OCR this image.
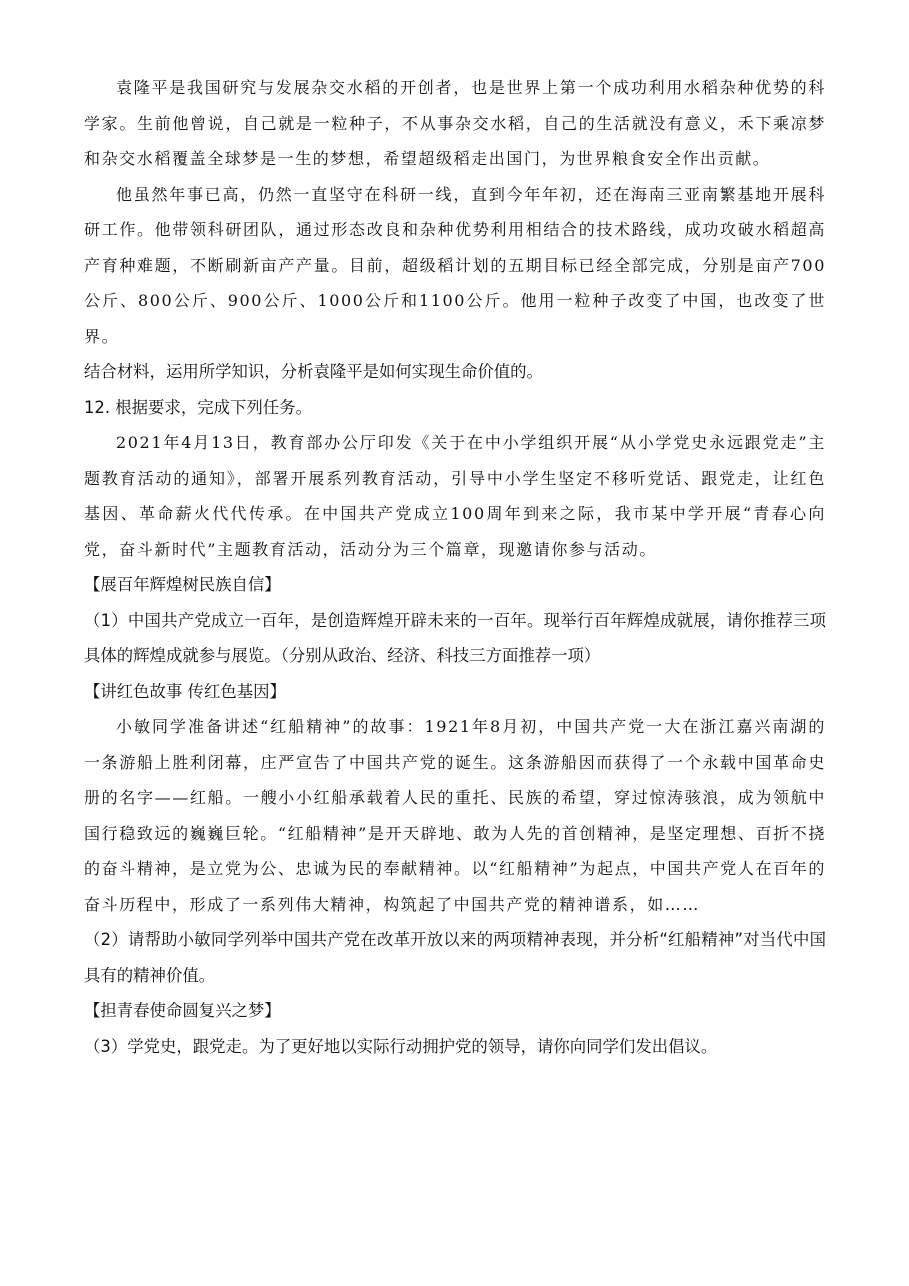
袁隆平是我国研究与发展杂交水稻的开创者，也是世界上第一个成功利用水稻杂种优势的科学家。生前他曾说，自己就是一粒种子，不从事杂交水稻，自己的生活就没有意义，禾下乘凉梦和杂交水稻覆盖全球梦是一生的梦想，希望超级稻走出国门，为世界粮食安全作出贡献。

他虽然年事已高，仍然一直坚守在科研一线，直到今年年初，还在海南三亚南繁基地开展科研工作。他带领科研团队，通过形态改良和杂种优势利用相结合的技术路线，成功攻破水稻超高产育种难题，不断刷新亩产产量。目前，超级稻计划的五期目标已经全部完成，分别是亩产700公斤、800公斤、900公斤、1000公斤和1100公斤。他用一粒种子改变了中国，也改变了世界。

结合材料，运用所学知识，分析袁隆平是如何实现生命价值的。

12. 根据要求，完成下列任务。

2021年4月13日，教育部办公厅印发《关于在中小学组织开展“从小学党史永远跟党走”主题教育活动的通知》，部署开展系列教育活动，引导中小学生坚定不移听党话、跟党走，让红色基因、革命薪火代代传承。在中国共产党成立100周年到来之际，我市某中学开展“青春心向党，奋斗新时代”主题教育活动，活动分为三个篇章，现邀请你参与活动。

【展百年辉煌树民族自信】

（1）中国共产党成立一百年，是创造辉煌开辟未来的一百年。现举行百年辉煌成就展，请你推荐三项具体的辉煌成就参与展览。（分别从政治、经济、科技三方面推荐一项）

【讲红色故事 传红色基因】

小敏同学准备讲述“红船精神”的故事：1921年8月初，中国共产党一大在浙江嘉兴南湖的一条游船上胜利闭幕，庄严宣告了中国共产党的诞生。这条游船因而获得了一个永载中国革命史册的名字——红船。一艘小小红船承载着人民的重托、民族的希望，穿过惊涛骇浪，成为领航中国行稳致远的巍巍巨轮。“红船精神”是开天辟地、敢为人先的首创精神，是坚定理想、百折不挠的奋斗精神，是立党为公、忠诚为民的奉献精神。以“红船精神”为起点，中国共产党人在百年的奋斗历程中，形成了一系列伟大精神，构筑起了中国共产党的精神谱系，如……

（2）请帮助小敏同学列举中国共产党在改革开放以来的两项精神表现，并分析“红船精神”对当代中国具有的精神价值。

【担青春使命圆复兴之梦】

（3）学党史，跟党走。为了更好地以实际行动拥护党的领导，请你向同学们发出倡议。
